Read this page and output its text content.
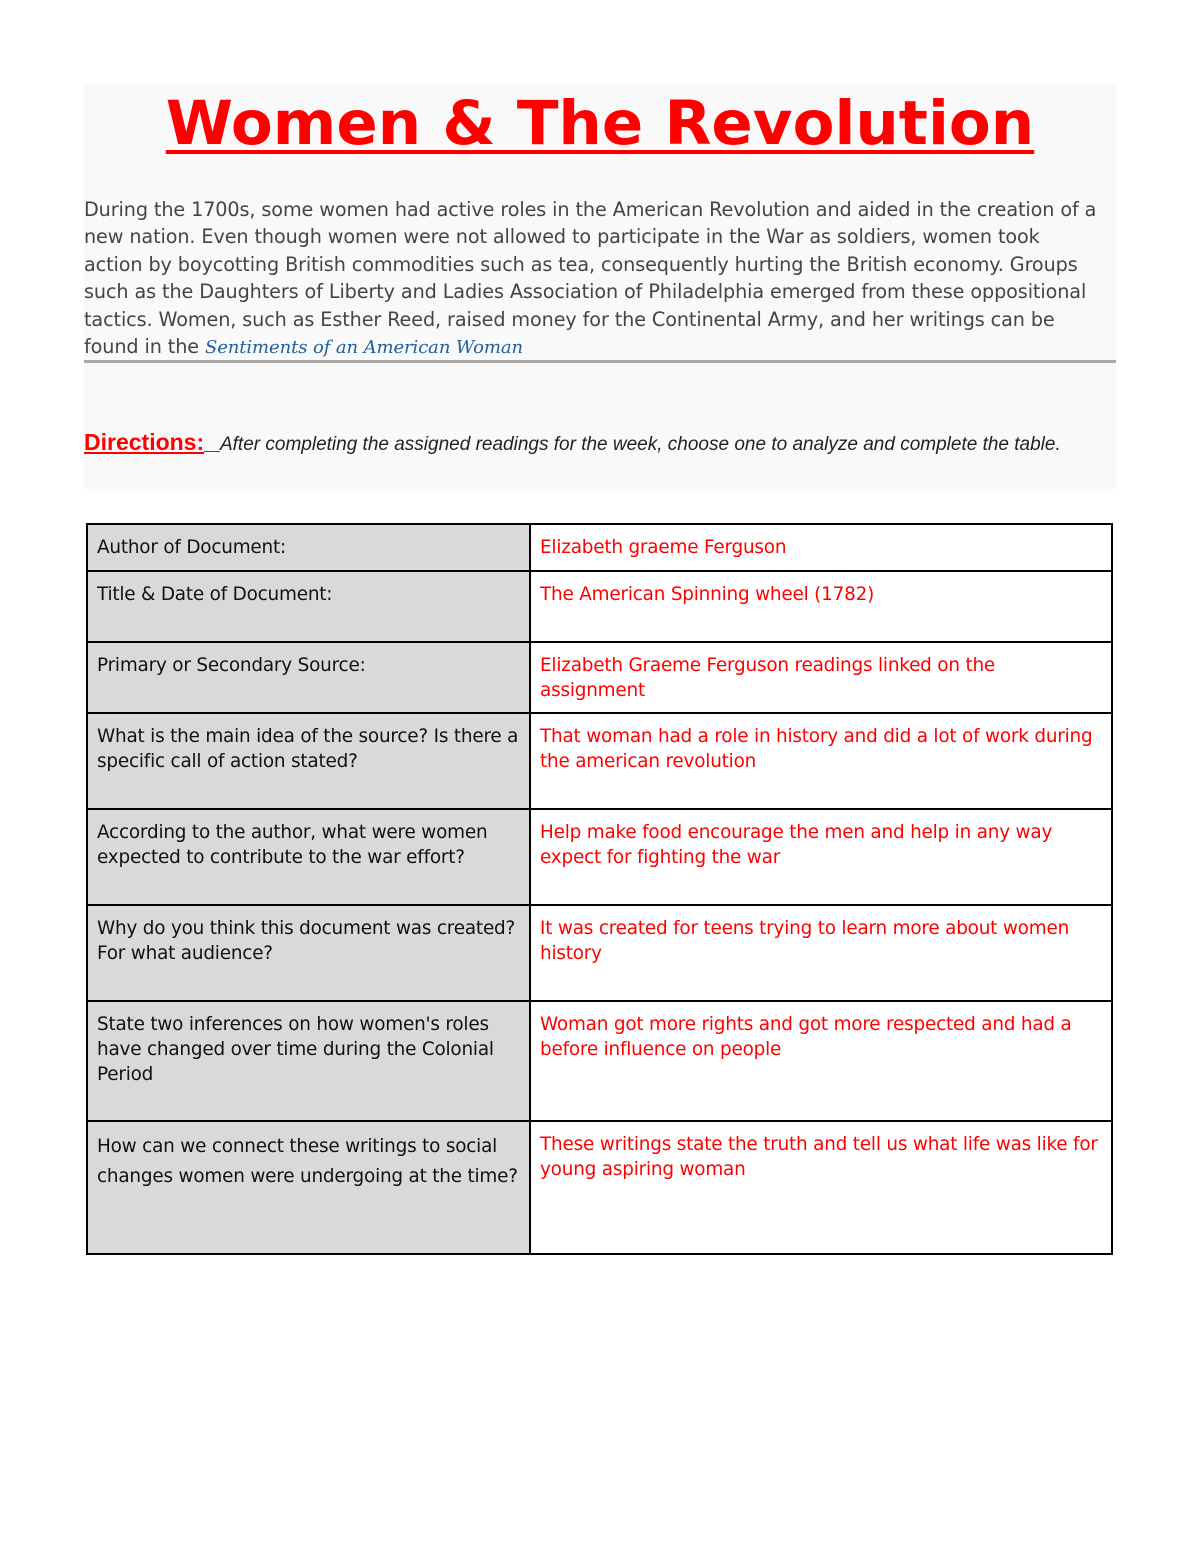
Women & The Revolution

During the 1700s, some women had active roles in the American Revolution and aided in the creation of a new nation. Even though women were not allowed to participate in the War as soldiers, women took action by boycotting British commodities such as tea, consequently hurting the British economy. Groups such as the Daughters of Liberty and Ladies Association of Philadelphia emerged from these oppositional tactics. Women, such as Esther Reed, raised money for the Continental Army, and her writings can be found in the Sentiments of an American Woman

Directions: After completing the assigned readings for the week, choose one to analyze and complete the table.

Author of Document:	Elizabeth graeme Ferguson
Title & Date of Document:	The American Spinning wheel (1782)
Primary or Secondary Source:	Elizabeth Graeme Ferguson readings linked on the assignment
What is the main idea of the source? Is there a specific call of action stated?	That woman had a role in history and did a lot of work during the american revolution
According to the author, what were women expected to contribute to the war effort?	Help make food encourage the men and help in any way expect for fighting the war
Why do you think this document was created? For what audience?	It was created for teens trying to learn more about women history
State two inferences on how women's roles have changed over time during the Colonial Period	Woman got more rights and got more respected and had a before influence on people
How can we connect these writings to social changes women were undergoing at the time?	These writings state the truth and tell us what life was like for young aspiring woman
